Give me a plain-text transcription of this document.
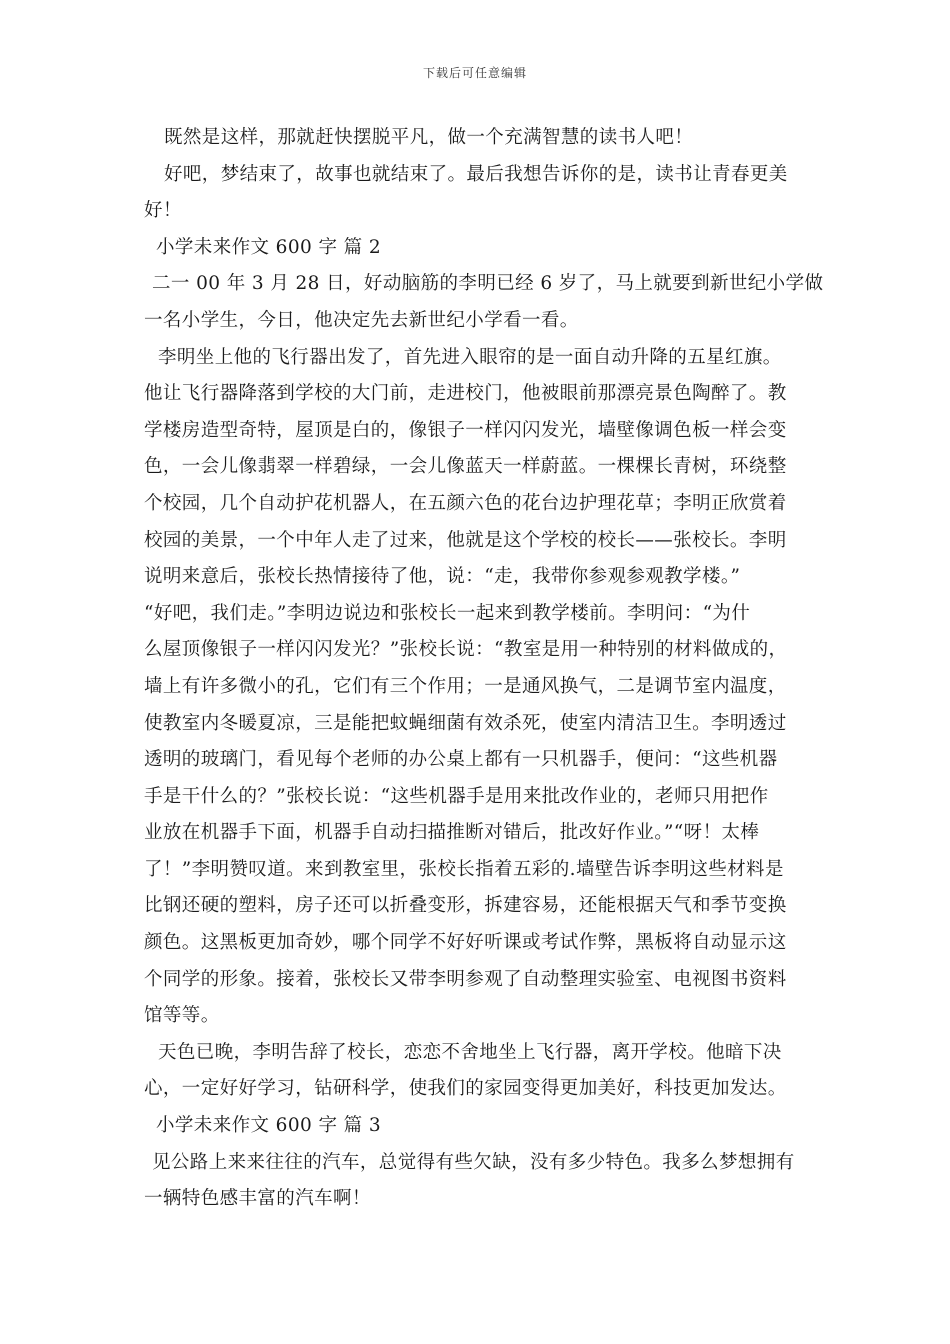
下载后可任意编辑
既然是这样，那就赶快摆脱平凡，做一个充满智慧的读书人吧！
好吧，梦结束了，故事也就结束了。最后我想告诉你的是，读书让青春更美
好！
小学未来作文 600 字 篇 2
二一 00 年 3 月 28 日，好动脑筋的李明已经 6 岁了，马上就要到新世纪小学做
一名小学生，今日，他决定先去新世纪小学看一看。
李明坐上他的飞行器出发了，首先进入眼帘的是一面自动升降的五星红旗。
他让飞行器降落到学校的大门前，走进校门，他被眼前那漂亮景色陶醉了。教
学楼房造型奇特，屋顶是白的，像银子一样闪闪发光，墙壁像调色板一样会变
色，一会儿像翡翠一样碧绿，一会儿像蓝天一样蔚蓝。一棵棵长青树，环绕整
个校园，几个自动护花机器人，在五颜六色的花台边护理花草；李明正欣赏着
校园的美景，一个中年人走了过来，他就是这个学校的校长——张校长。李明
说明来意后，张校长热情接待了他，说：“走，我带你参观参观教学楼。”
“好吧，我们走。”李明边说边和张校长一起来到教学楼前。李明问：“为什
么屋顶像银子一样闪闪发光？”张校长说：“教室是用一种特别的材料做成的，
墙上有许多微小的孔，它们有三个作用；一是通风换气，二是调节室内温度，
使教室内冬暖夏凉，三是能把蚊蝇细菌有效杀死，使室内清洁卫生。李明透过
透明的玻璃门，看见每个老师的办公桌上都有一只机器手，便问：“这些机器
手是干什么的？”张校长说：“这些机器手是用来批改作业的，老师只用把作
业放在机器手下面，机器手自动扫描推断对错后，批改好作业。”“呀！太棒
了！”李明赞叹道。来到教室里，张校长指着五彩的.墙壁告诉李明这些材料是
比钢还硬的塑料，房子还可以折叠变形，拆建容易，还能根据天气和季节变换
颜色。这黑板更加奇妙，哪个同学不好好听课或考试作弊，黑板将自动显示这
个同学的形象。接着，张校长又带李明参观了自动整理实验室、电视图书资料
馆等等。
天色已晚，李明告辞了校长，恋恋不舍地坐上飞行器，离开学校。他暗下决
心，一定好好学习，钻研科学，使我们的家园变得更加美好，科技更加发达。
小学未来作文 600 字 篇 3
见公路上来来往往的汽车，总觉得有些欠缺，没有多少特色。我多么梦想拥有
一辆特色感丰富的汽车啊！
